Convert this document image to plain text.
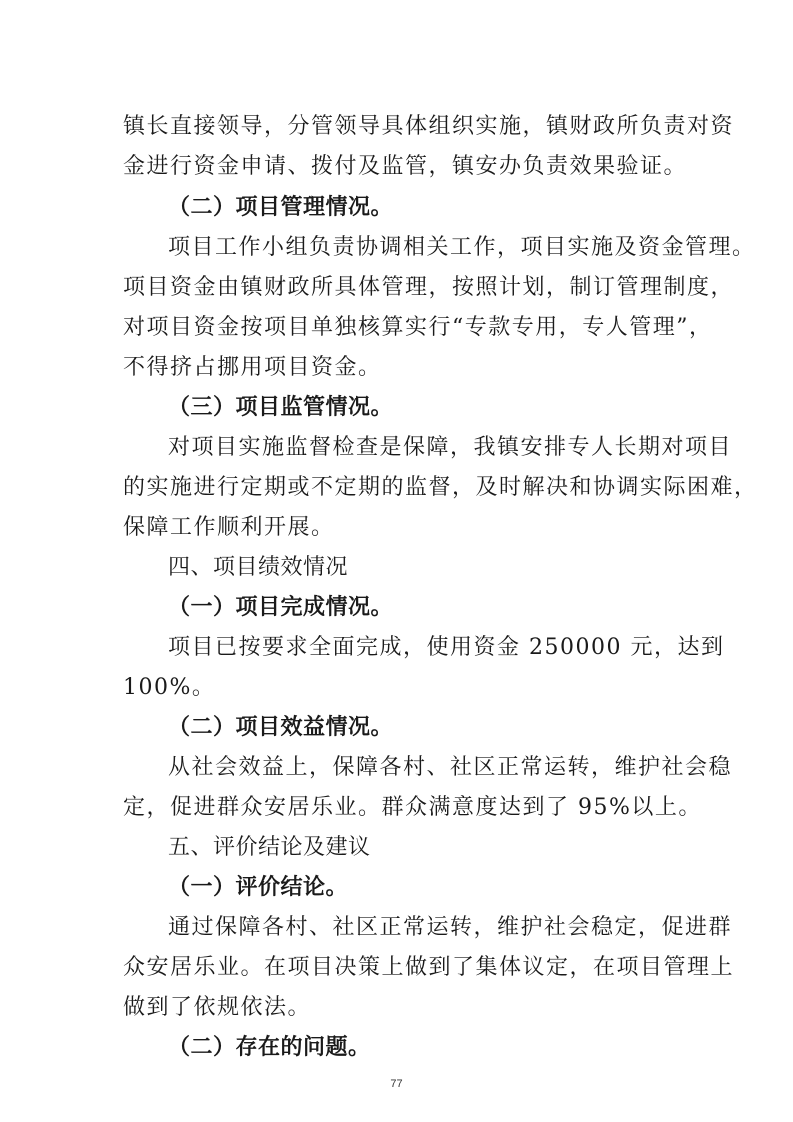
镇长直接领导，分管领导具体组织实施，镇财政所负责对资
金进行资金申请、拨付及监管，镇安办负责效果验证。
（二）项目管理情况。
项目工作小组负责协调相关工作，项目实施及资金管理。
项目资金由镇财政所具体管理，按照计划，制订管理制度，
对项目资金按项目单独核算实行“专款专用，专人管理”，
不得挤占挪用项目资金。
（三）项目监管情况。
对项目实施监督检查是保障，我镇安排专人长期对项目
的实施进行定期或不定期的监督，及时解决和协调实际困难，
保障工作顺利开展。
四、项目绩效情况
（一）项目完成情况。
项目已按要求全面完成，使用资金 250000 元，达到
100%。
（二）项目效益情况。
从社会效益上，保障各村、社区正常运转，维护社会稳
定，促进群众安居乐业。群众满意度达到了 95%以上。
五、评价结论及建议
（一）评价结论。
通过保障各村、社区正常运转，维护社会稳定，促进群
众安居乐业。在项目决策上做到了集体议定，在项目管理上
做到了依规依法。
（二）存在的问题。
77
